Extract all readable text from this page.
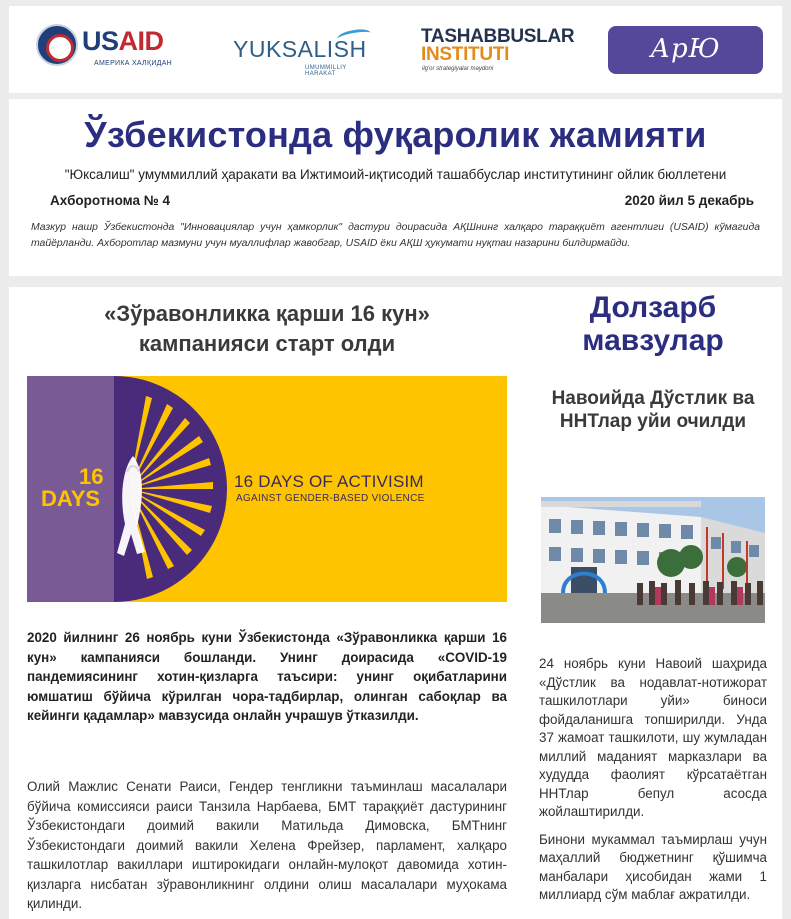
USAID
АМЕРИКА ХАЛҚИДАН
YUKSALISH
UMUMMILLIY HARAKAT
TASHABBUSLAR
INSTITUTI
ilg'or strategiyalar maydoni
АрЮ
Ўзбекистонда фуқаролик жамияти
"Юксалиш" умуммиллий ҳаракати ва Ижтимоий-иқтисодий ташаббуслар институтининг ойлик бюллетени
Ахборотнома № 4	2020 йил 5 декабрь
Мазкур нашр Ўзбекистонда "Инновациялар учун ҳамкорлик" дастури доирасида АҚШнинг халқаро тараққиёт агентлиги (USAID) кўмагида тайёрланди. Ахборотлар мазмуни учун муаллифлар жавобгар, USAID ёки АҚШ ҳукумати нуқтаи назарини билдирмайди.
«Зўравонликка қарши 16 кун»
кампанияси старт олди
16
DAYS
16 DAYS OF ACTIVISIM
AGAINST GENDER-BASED VIOLENCE

2020 йилнинг 26 ноябрь куни Ўзбекистонда «Зўравонликка қарши 16 кун» кампанияси бошланди. Унинг доирасида «COVID-19 пандемиясининг хотин-қизларга таъсири: унинг оқибатларини юмшатиш бўйича кўрилган чора-тадбирлар, олинган сабоқлар ва кейинги қадамлар» мавзусида онлайн учрашув ўтказилди.

Олий Мажлис Сенати Раиси, Гендер тенгликни таъминлаш масалалари бўйича комиссияси раиси Танзила Нарбаева, БМТ тараққиёт дастурининг Ўзбекистондаги доимий вакили Матильда Димовска, БМТнинг Ўзбекистондаги доимий вакили Хелена Фрейзер, парламент, халқаро ташкилотлар вакиллари иштирокидаги онлайн-мулоқот давомида хотин-қизларга нисбатан зўравонликнинг олдини олиш масалалари муҳокама қилинди.

Долзарб
мавзулар
Навоийда Дўстлик ва ННТлар уйи очилди

24 ноябрь куни Навоий шаҳрида «Дўстлик ва нодавлат-нотижорат ташкилотлари уйи» биноси фойдаланишга топширилди. Унда 37 жамоат ташкилоти, шу жумладан миллий маданият марказлари ва худудда фаолият кўрсатаётган ННТлар бепул асосда жойлаштирилди.

Бинони мукаммал таъмирлаш учун маҳаллий бюджетнинг қўшимча манбалари ҳисобидан жами 1 миллиард сўм маблағ ажратилди.
